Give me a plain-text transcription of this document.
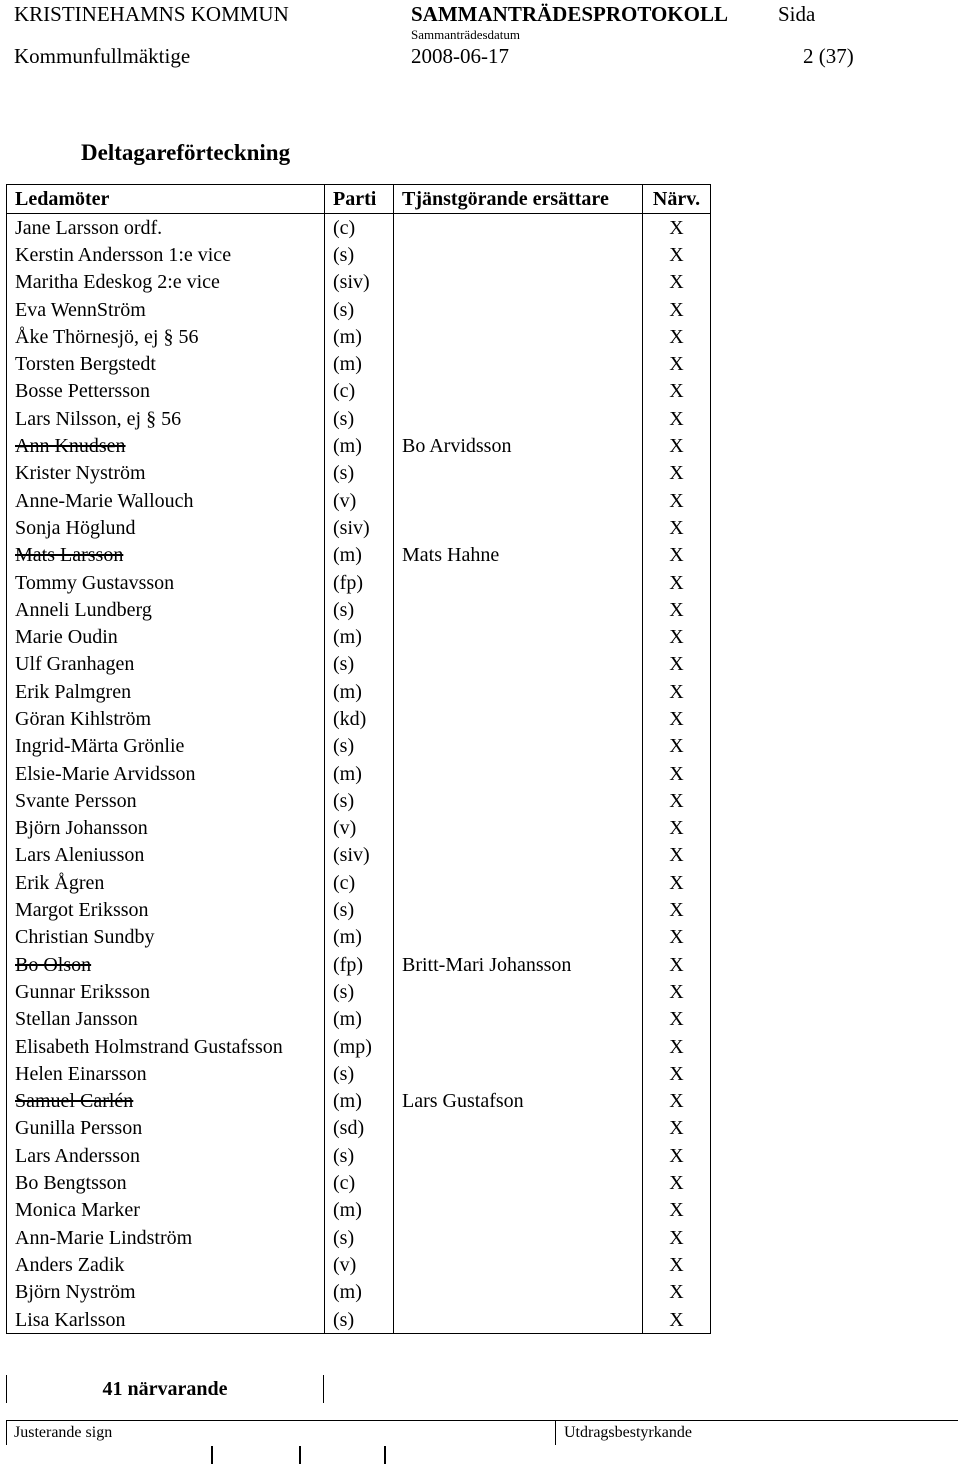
KRISTINEHAMNS KOMMUN	SAMMANTRÄDESPROTOKOLL Sida
Sammanträdesdatum
Kommunfullmäktige	2008-06-17	2 (37)
Deltagareförteckning
Ledamöter	Parti	Tjänstgörande ersättare	Närv.
Jane Larsson ordf.	(c)		X
Kerstin Andersson 1:e vice	(s)		X
Maritha Edeskog 2:e vice	(siv)		X
Eva WennStröm	(s)		X
Åke Thörnesjö, ej § 56	(m)		X
Torsten Bergstedt	(m)		X
Bosse Pettersson	(c)		X
Lars Nilsson, ej § 56	(s)		X
Ann Knudsen	(m)	Bo Arvidsson	X
Krister Nyström	(s)		X
Anne-Marie Wallouch	(v)		X
Sonja Höglund	(siv)		X
Mats Larsson	(m)	Mats Hahne	X
Tommy Gustavsson	(fp)		X
Anneli Lundberg	(s)		X
Marie Oudin	(m)		X
Ulf Granhagen	(s)		X
Erik Palmgren	(m)		X
Göran Kihlström	(kd)		X
Ingrid-Märta Grönlie	(s)		X
Elsie-Marie Arvidsson	(m)		X
Svante Persson	(s)		X
Björn Johansson	(v)		X
Lars Aleniusson	(siv)		X
Erik Ågren	(c)		X
Margot Eriksson	(s)		X
Christian Sundby	(m)		X
Bo Olson	(fp)	Britt-Mari Johansson	X
Gunnar Eriksson	(s)		X
Stellan Jansson	(m)		X
Elisabeth Holmstrand Gustafsson	(mp)		X
Helen Einarsson	(s)		X
Samuel Carlén	(m)	Lars Gustafson	X
Gunilla Persson	(sd)		X
Lars Andersson	(s)		X
Bo Bengtsson	(c)		X
Monica Marker	(m)		X
Ann-Marie Lindström	(s)		X
Anders Zadik	(v)		X
Björn Nyström	(m)		X
Lisa Karlsson	(s)		X
41 närvarande
Justerande sign	Utdragsbestyrkande
